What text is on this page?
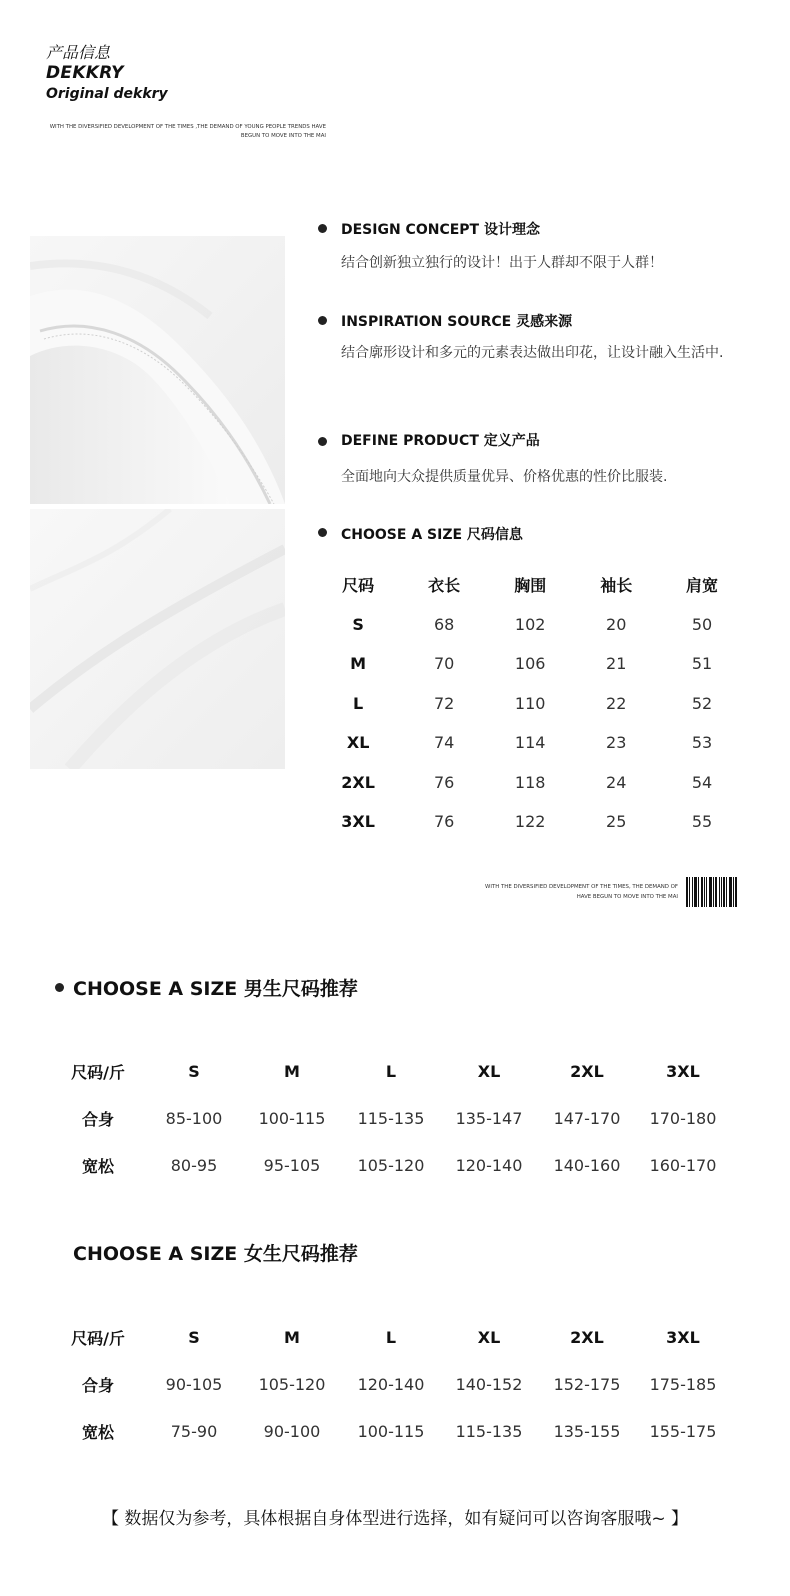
产品信息
DEKKRY
Original dekkry
WITH THE DIVERSIFIED DEVELOPMENT OF THE TIMES ,THE DEMAND OF YOUNG PEOPLE TRENDS HAVE
BEGUN TO MOVE INTO THE MAI
DESIGN CONCEPT 设计理念
结合创新独立独行的设计！出于人群却不限于人群！
INSPIRATION SOURCE 灵感来源
结合廓形设计和多元的元素表达做出印花，让设计融入生活中.
DEFINE PRODUCT 定义产品
全面地向大众提供质量优异、价格优惠的性价比服装.
CHOOSE A SIZE 尺码信息
尺码	衣长	胸围	袖长	肩宽
S	68	102	20	50
M	70	106	21	51
L	72	110	22	52
XL	74	114	23	53
2XL	76	118	24	54
3XL	76	122	25	55
WITH THE DIVERSIFIED DEVELOPMENT OF THE TIMES, THE DEMAND OF
HAVE BEGUN TO MOVE INTO THE MAI
CHOOSE A SIZE 男生尺码推荐
尺码/斤	S	M	L	XL	2XL	3XL
合身	85-100	100-115	115-135	135-147	147-170	170-180
宽松	80-95	95-105	105-120	120-140	140-160	160-170
CHOOSE A SIZE 女生尺码推荐
尺码/斤	S	M	L	XL	2XL	3XL
合身	90-105	105-120	120-140	140-152	152-175	175-185
宽松	75-90	90-100	100-115	115-135	135-155	155-175
【 数据仅为参考，具体根据自身体型进行选择，如有疑问可以咨询客服哦~ 】
